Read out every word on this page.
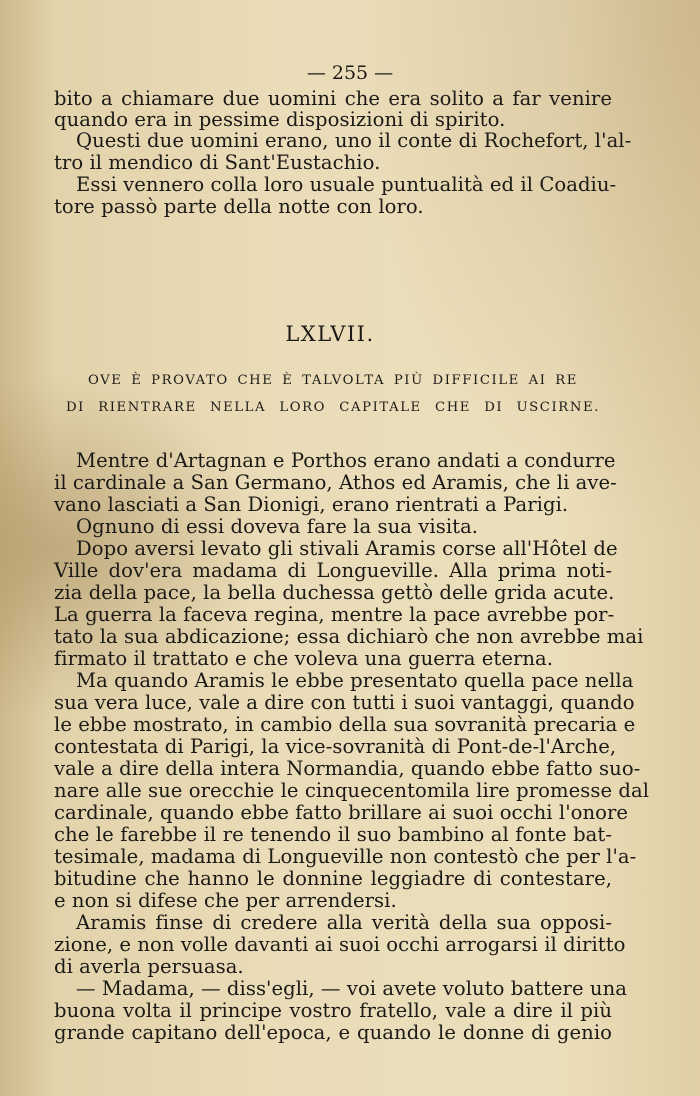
— 255 —
bito a chiamare due uomini che era solito a far venire
quando era in pessime disposizioni di spirito.
Questi due uomini erano, uno il conte di Rochefort, l'al-
tro il mendico di Sant'Eustachio.
Essi vennero colla loro usuale puntualità ed il Coadiu-
tore passò parte della notte con loro.
LXLVII.
OVE È PROVATO CHE È TALVOLTA PIÙ DIFFICILE AI RE
DI RIENTRARE NELLA LORO CAPITALE CHE DI USCIRNE.
Mentre d'Artagnan e Porthos erano andati a condurre
il cardinale a San Germano, Athos ed Aramis, che li ave-
vano lasciati a San Dionigi, erano rientrati a Parigi.
Ognuno di essi doveva fare la sua visita.
Dopo aversi levato gli stivali Aramis corse all'Hôtel de
Ville dov'era madama di Longueville. Alla prima noti-
zia della pace, la bella duchessa gettò delle grida acute.
La guerra la faceva regina, mentre la pace avrebbe por-
tato la sua abdicazione; essa dichiarò che non avrebbe mai
firmato il trattato e che voleva una guerra eterna.
Ma quando Aramis le ebbe presentato quella pace nella
sua vera luce, vale a dire con tutti i suoi vantaggi, quando
le ebbe mostrato, in cambio della sua sovranità precaria e
contestata di Parigi, la vice-sovranità di Pont-de-l'Arche,
vale a dire della intera Normandia, quando ebbe fatto suo-
nare alle sue orecchie le cinquecentomila lire promesse dal
cardinale, quando ebbe fatto brillare ai suoi occhi l'onore
che le farebbe il re tenendo il suo bambino al fonte bat-
tesimale, madama di Longueville non contestò che per l'a-
bitudine che hanno le donnine leggiadre di contestare,
e non si difese che per arrendersi.
Aramis finse di credere alla verità della sua opposi-
zione, e non volle davanti ai suoi occhi arrogarsi il diritto
di averla persuasa.
— Madama, — diss'egli, — voi avete voluto battere una
buona volta il principe vostro fratello, vale a dire il più
grande capitano dell'epoca, e quando le donne di genio
